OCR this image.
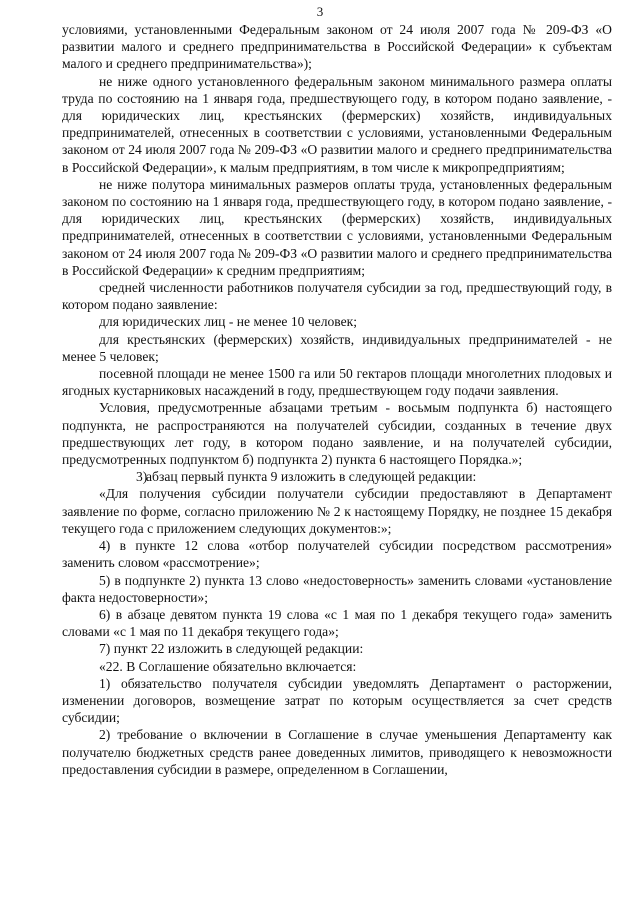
3

условиями, установленными Федеральным законом от 24 июля 2007 года № 209-ФЗ «О развитии малого и среднего предпринимательства в Российской Федерации» к субъектам малого и среднего предпринимательства»);

не ниже одного установленного федеральным законом минимального размера оплаты труда по состоянию на 1 января года, предшествующего году, в котором подано заявление, - для юридических лиц, крестьянских (фермерских) хозяйств, индивидуальных предпринимателей, отнесенных в соответствии с условиями, установленными Федеральным законом от 24 июля 2007 года № 209-ФЗ «О развитии малого и среднего предпринимательства в Российской Федерации», к малым предприятиям, в том числе к микропредприятиям;

не ниже полутора минимальных размеров оплаты труда, установленных федеральным законом по состоянию на 1 января года, предшествующего году, в котором подано заявление, - для юридических лиц, крестьянских (фермерских) хозяйств, индивидуальных предпринимателей, отнесенных в соответствии с условиями, установленными Федеральным законом от 24 июля 2007 года № 209-ФЗ «О развитии малого и среднего предпринимательства в Российской Федерации» к средним предприятиям;

средней численности работников получателя субсидии за год, предшествующий году, в котором подано заявление:

для юридических лиц - не менее 10 человек;

для крестьянских (фермерских) хозяйств, индивидуальных предпринимателей - не менее 5 человек;

посевной площади не менее 1500 га или 50 гектаров площади многолетних плодовых и ягодных кустарниковых насаждений в году, предшествующем году подачи заявления.

Условия, предусмотренные абзацами третьим - восьмым подпункта б) настоящего подпункта, не распространяются на получателей субсидии, созданных в течение двух предшествующих лет году, в котором подано заявление, и на получателей субсидии, предусмотренных подпунктом б) подпункта 2) пункта 6 настоящего Порядка.»;

3)абзац первый пункта 9 изложить в следующей редакции:

«Для получения субсидии получатели субсидии предоставляют в Департамент заявление по форме, согласно приложению № 2 к настоящему Порядку, не позднее 15 декабря текущего года с приложением следующих документов:»;

4) в пункте 12 слова «отбор получателей субсидии посредством рассмотрения» заменить словом «рассмотрение»;

5) в подпункте 2) пункта 13 слово «недостоверность» заменить словами «установление факта недостоверности»;

6) в абзаце девятом пункта 19 слова «с 1 мая по 1 декабря текущего года» заменить словами «с 1 мая по 11 декабря текущего года»;

7) пункт 22 изложить в следующей редакции:

«22. В Соглашение обязательно включается:

1) обязательство получателя субсидии уведомлять Департамент о расторжении, изменении договоров, возмещение затрат по которым осуществляется за счет средств субсидии;

2) требование о включении в Соглашение в случае уменьшения Департаменту как получателю бюджетных средств ранее доведенных лимитов, приводящего к невозможности предоставления субсидии в размере, определенном в Соглашении,
